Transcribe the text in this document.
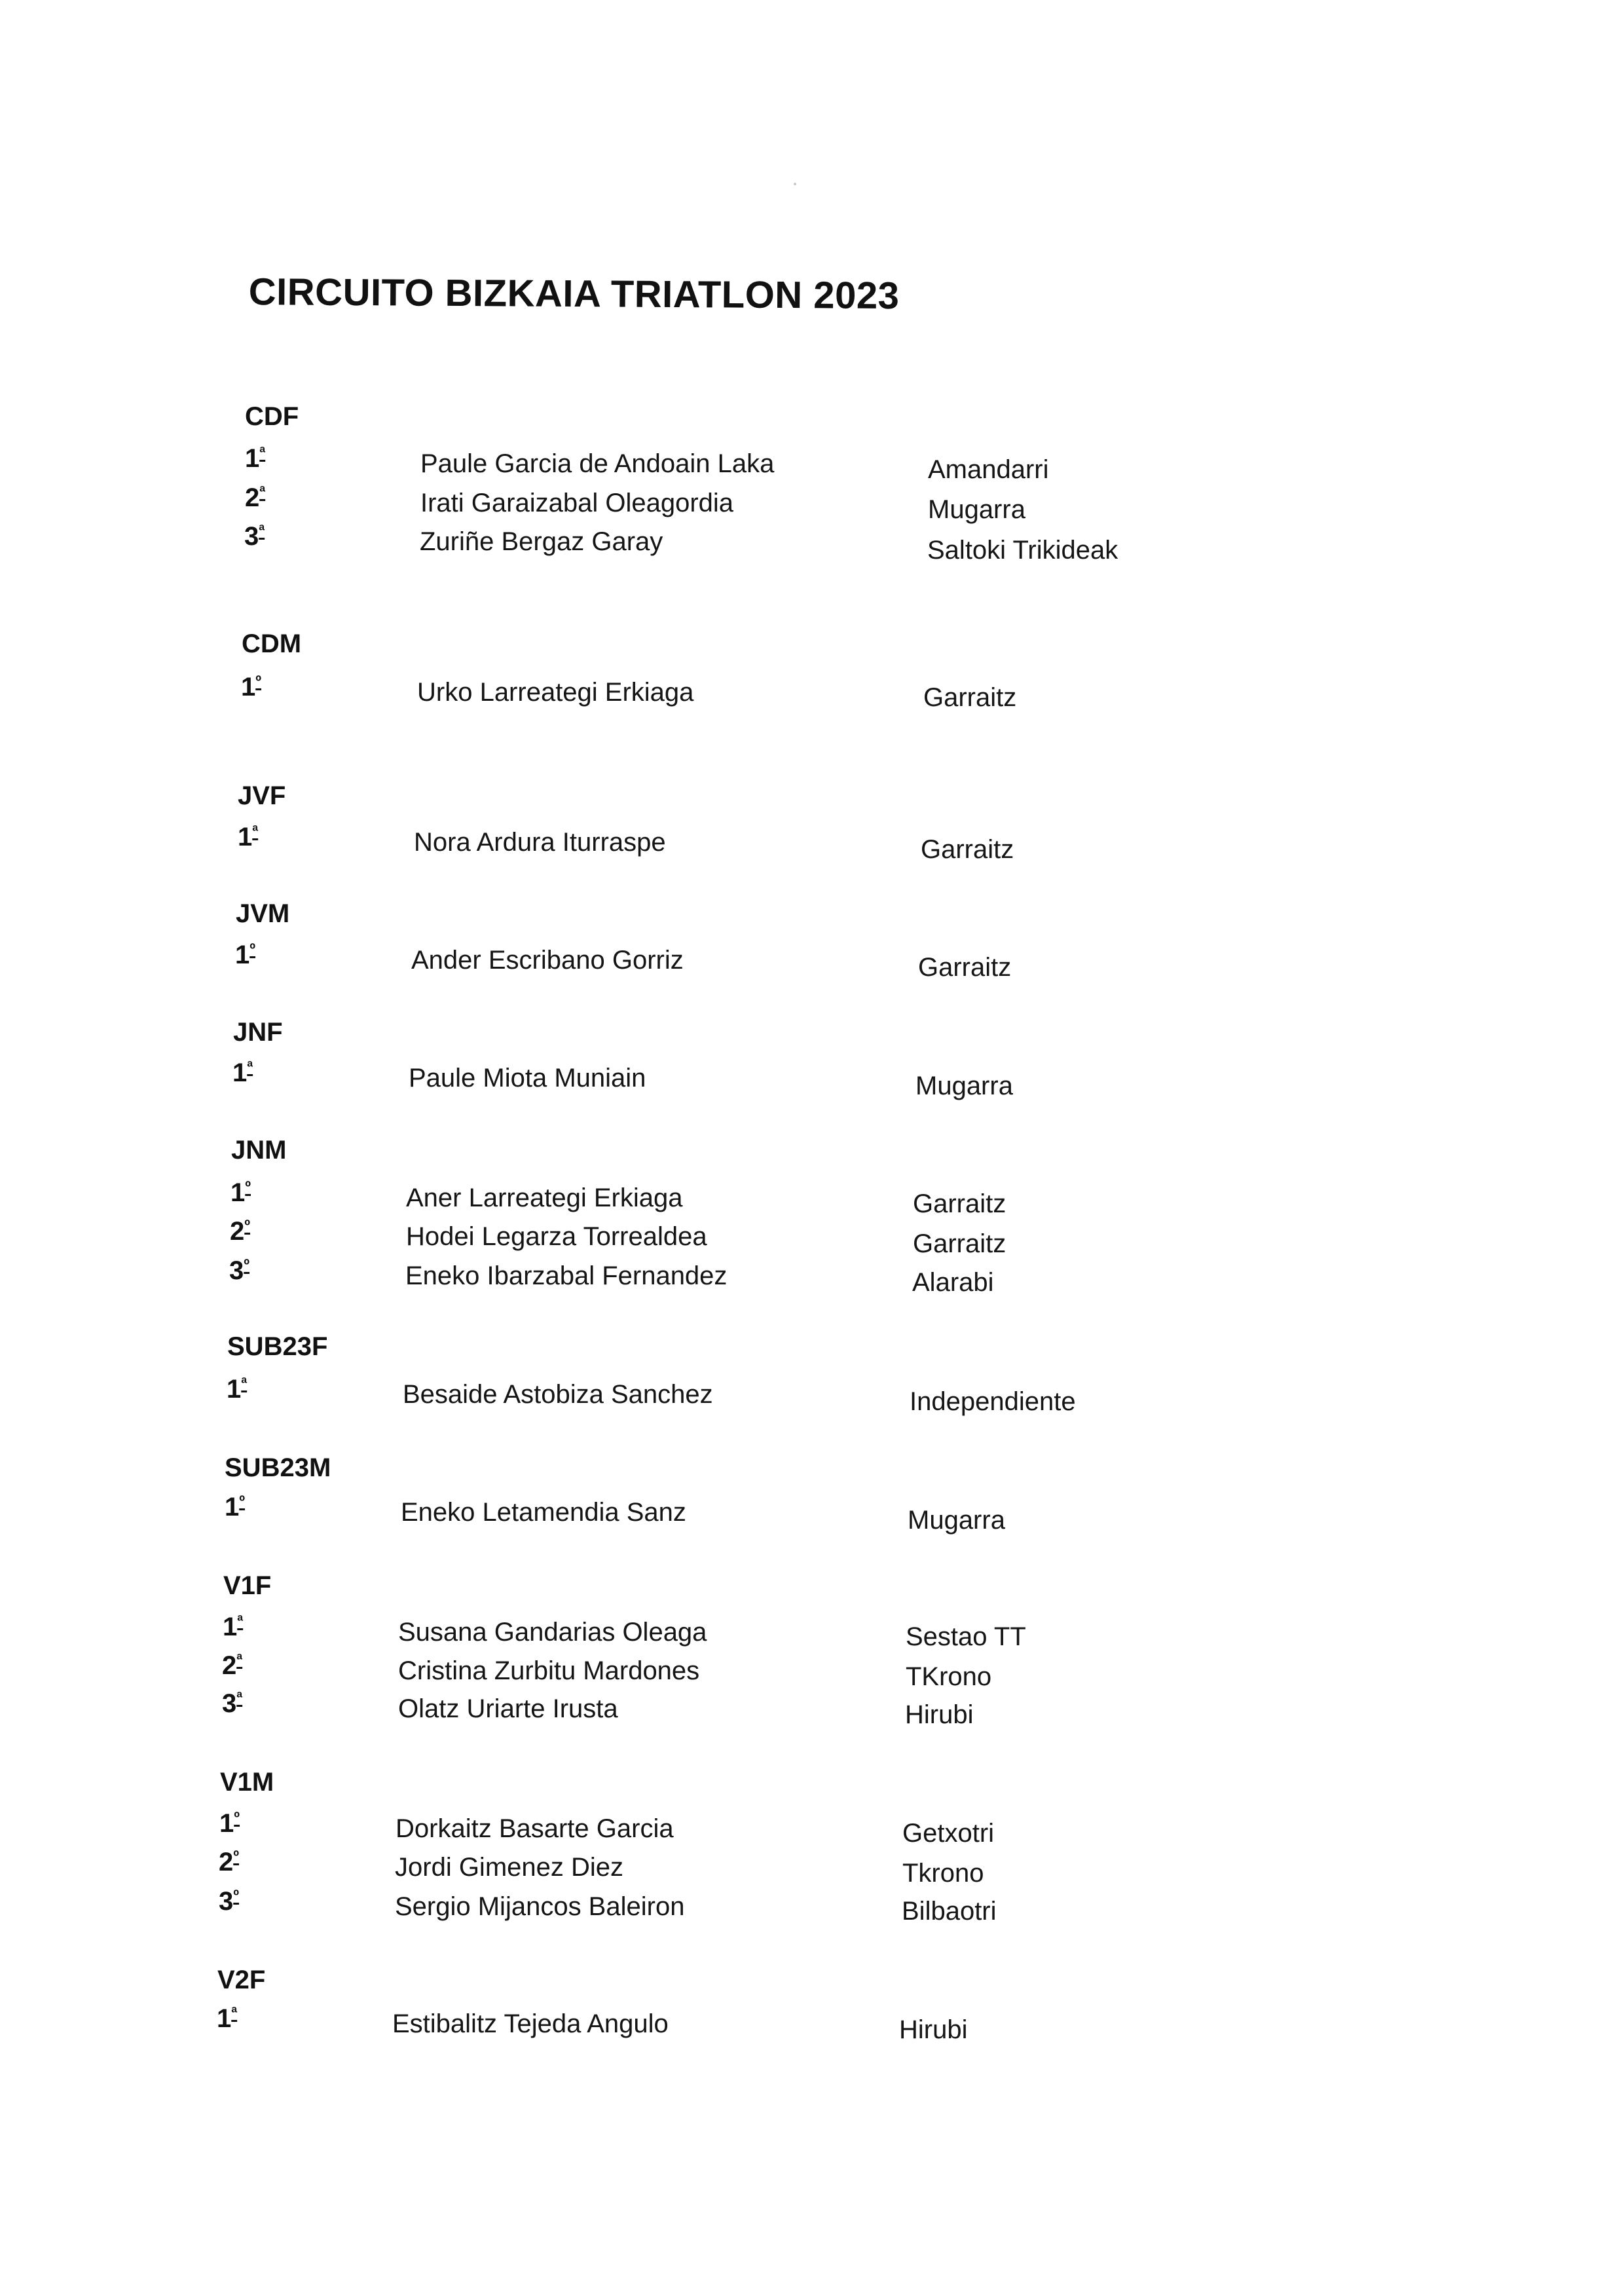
CIRCUITO BIZKAIA TRIATLON 2023
CDF
$1^ª$	Paule Garcia de Andoain Laka	Amandarri
$2^ª$	Irati Garaizabal Oleagordia	Mugarra
$3^ª$	Zuriñe Bergaz Garay	Saltoki Trikideak
CDM
$1^º$	Urko Larreategi Erkiaga	Garraitz
JVF
$1^ª$	Nora Ardura Iturraspe	Garraitz
JVM
$1^º$	Ander Escribano Gorriz	Garraitz
JNF
$1^ª$	Paule Miota Muniain	Mugarra
JNM
$1^º$	Aner Larreategi Erkiaga	Garraitz
$2^º$	Hodei Legarza Torrealdea	Garraitz
$3^º$	Eneko Ibarzabal Fernandez	Alarabi
SUB23F
$1^ª$	Besaide Astobiza Sanchez	Independiente
SUB23M
$1^º$	Eneko Letamendia Sanz	Mugarra
V1F
$1^ª$	Susana Gandarias Oleaga	Sestao TT
$2^ª$	Cristina Zurbitu Mardones	TKrono
$3^ª$	Olatz Uriarte Irusta	Hirubi
V1M
$1^º$	Dorkaitz Basarte Garcia	Getxotri
$2^º$	Jordi Gimenez Diez	Tkrono
$3^º$	Sergio Mijancos Baleiron	Bilbaotri
V2F
$1^ª$	Estibalitz Tejeda Angulo	Hirubi
